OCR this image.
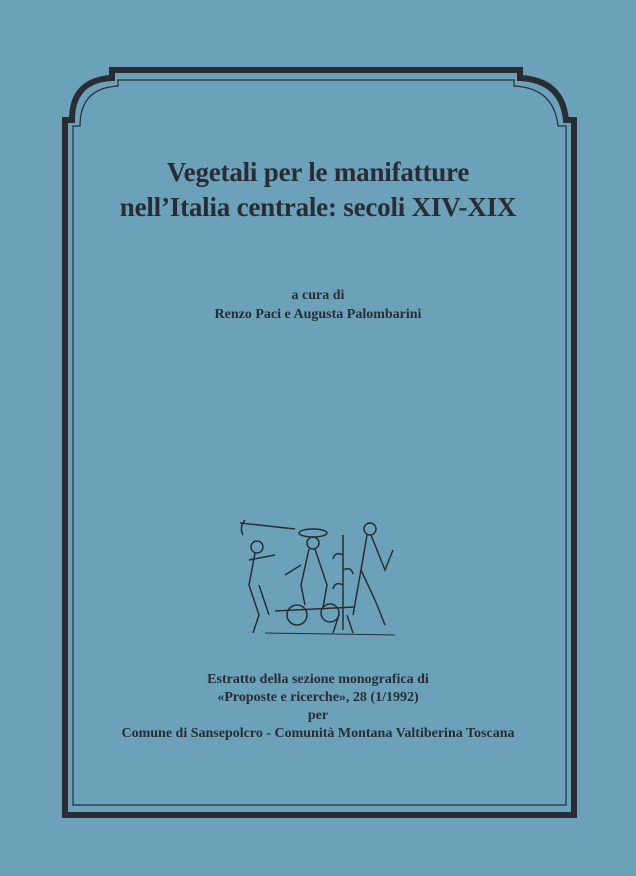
Vegetali per le manifatture
nell’Italia centrale: secoli XIV-XIX
a cura di
Renzo Paci e Augusta Palombarini
Estratto della sezione monografica di
«Proposte e ricerche», 28 (1/1992)
per
Comune di Sansepolcro - Comunità Montana Valtiberina Toscana
